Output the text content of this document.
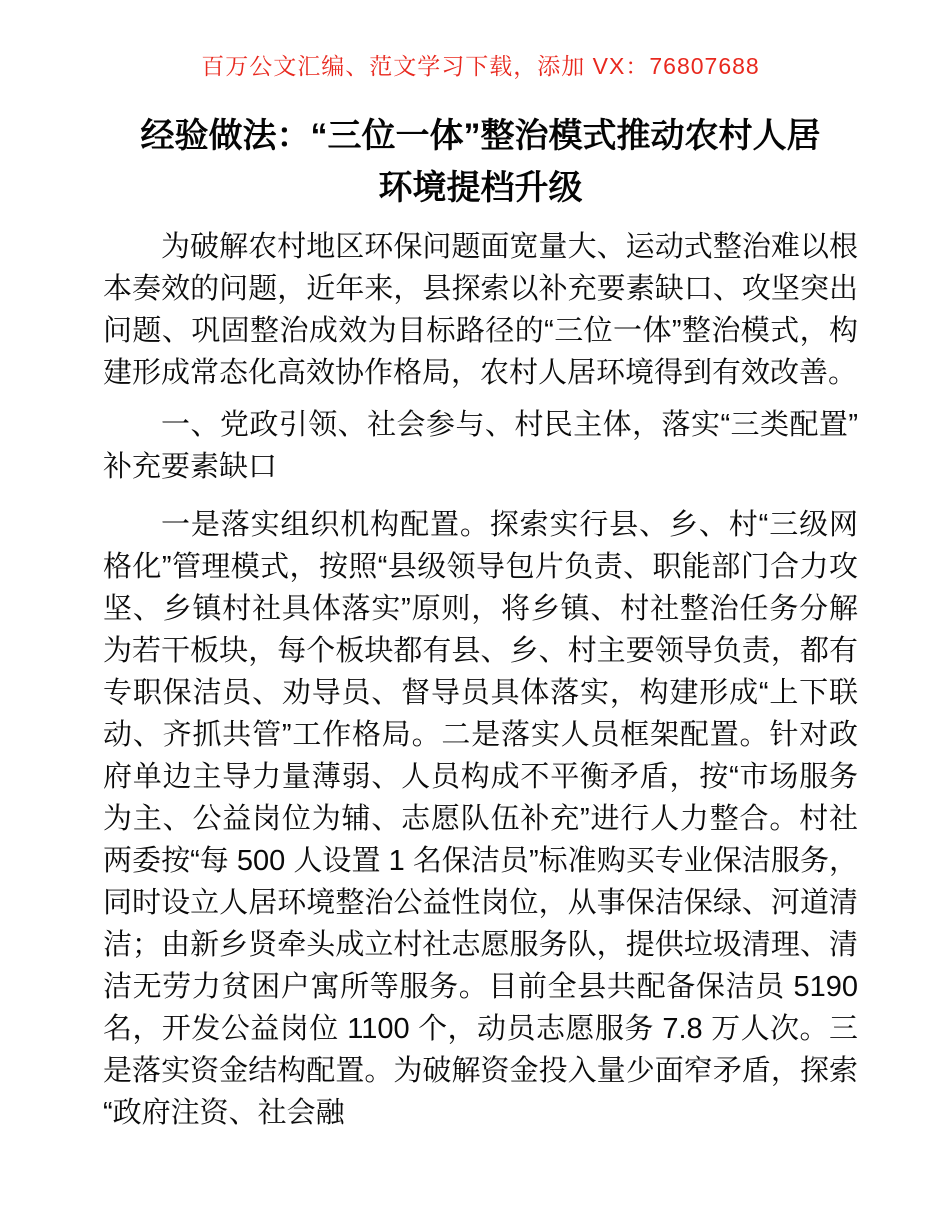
百万公文汇编、范文学习下载，添加 VX：76807688
经验做法：“三位一体”整治模式推动农村人居环境提档升级

为破解农村地区环保问题面宽量大、运动式整治难以根本奏效的问题，近年来，县探索以补充要素缺口、攻坚突出问题、巩固整治成效为目标路径的“三位一体”整治模式，构建形成常态化高效协作格局，农村人居环境得到有效改善。

一、党政引领、社会参与、村民主体，落实“三类配置”补充要素缺口

一是落实组织机构配置。探索实行县、乡、村“三级网格化”管理模式，按照“县级领导包片负责、职能部门合力攻坚、乡镇村社具体落实”原则，将乡镇、村社整治任务分解为若干板块，每个板块都有县、乡、村主要领导负责，都有专职保洁员、劝导员、督导员具体落实，构建形成“上下联动、齐抓共管”工作格局。二是落实人员框架配置。针对政府单边主导力量薄弱、人员构成不平衡矛盾，按“市场服务为主、公益岗位为辅、志愿队伍补充”进行人力整合。村社两委按“每 500 人设置 1 名保洁员”标准购买专业保洁服务，同时设立人居环境整治公益性岗位，从事保洁保绿、河道清洁；由新乡贤牵头成立村社志愿服务队，提供垃圾清理、清洁无劳力贫困户寓所等服务。目前全县共配备保洁员 5190 名，开发公益岗位 1100 个，动员志愿服务 7.8 万人次。三是落实资金结构配置。为破解资金投入量少面窄矛盾，探索“政府注资、社会融
